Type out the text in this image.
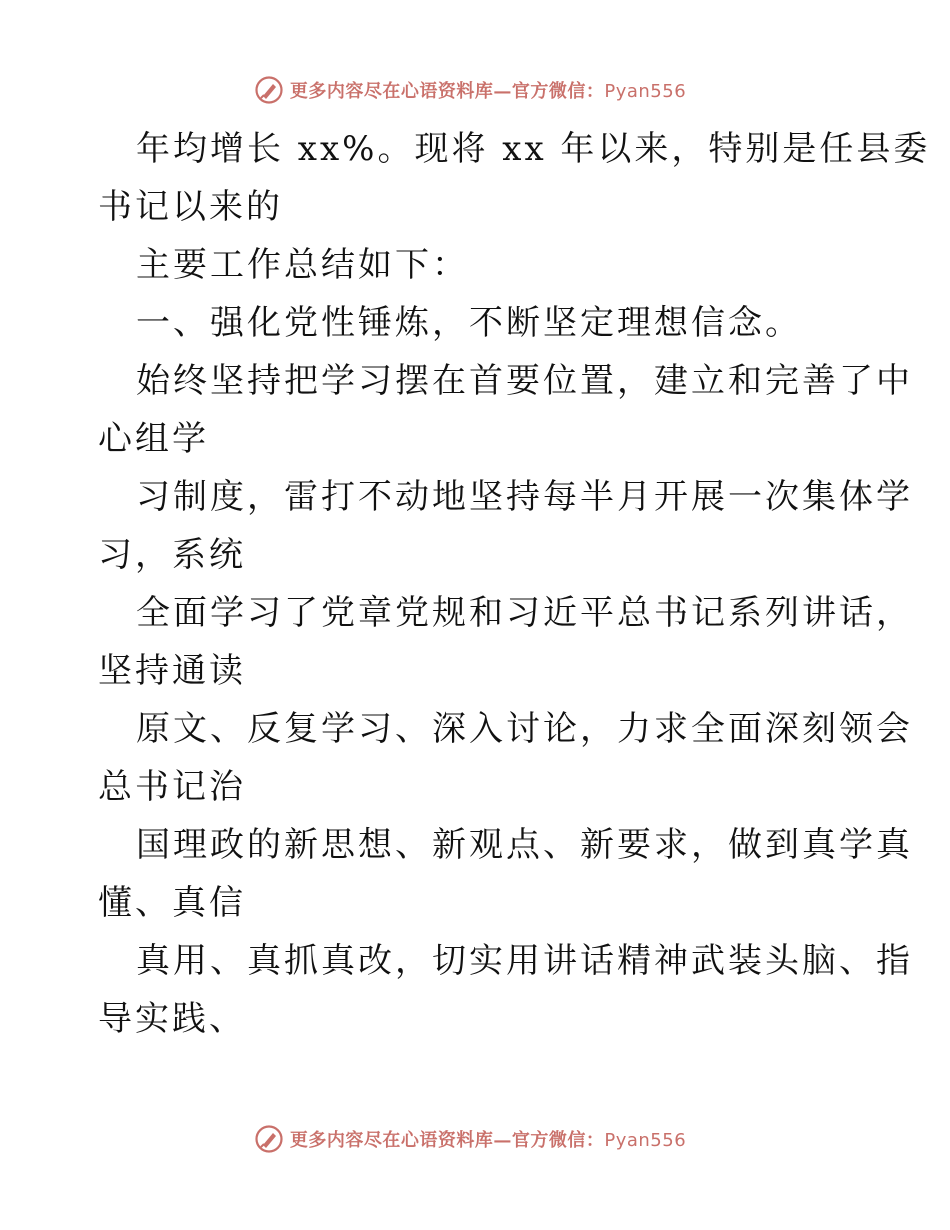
更多内容尽在心语资料库—官方微信：Pyan556
年均增长 xx%。现将 xx 年以来，特别是任县委
书记以来的
主要工作总结如下：
一、强化党性锤炼，不断坚定理想信念。
始终坚持把学习摆在首要位置，建立和完善了中
心组学
习制度，雷打不动地坚持每半月开展一次集体学
习，系统
全面学习了党章党规和习近平总书记系列讲话，
坚持通读
原文、反复学习、深入讨论，力求全面深刻领会
总书记治
国理政的新思想、新观点、新要求，做到真学真
懂、真信
真用、真抓真改，切实用讲话精神武装头脑、指
导实践、
更多内容尽在心语资料库—官方微信：Pyan556
